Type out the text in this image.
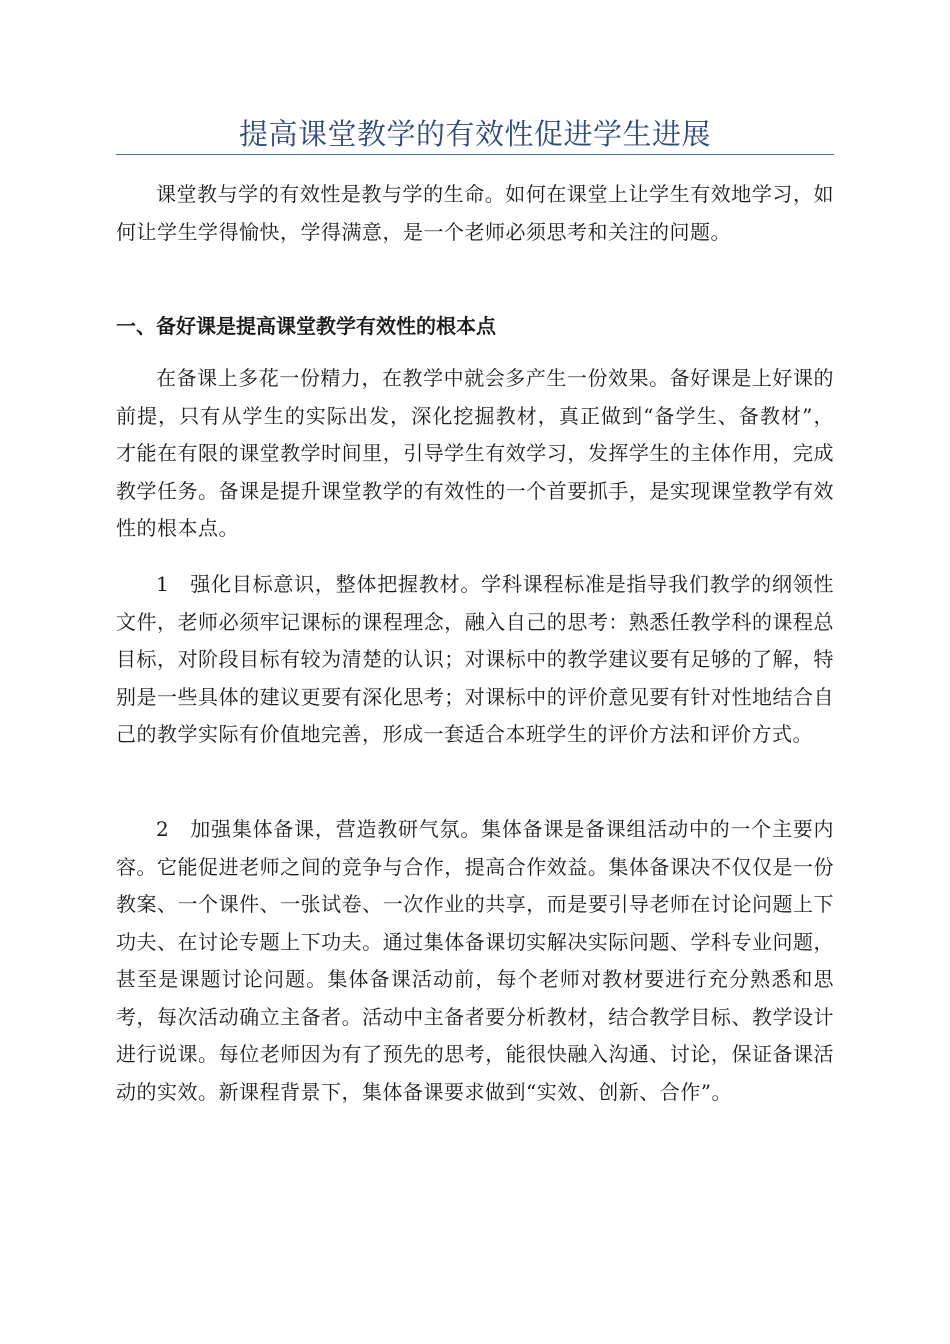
提高课堂教学的有效性促进学生进展

课堂教与学的有效性是教与学的生命。如何在课堂上让学生有效地学习，如何让学生学得愉快，学得满意，是一个老师必须思考和关注的问题。

一、备好课是提高课堂教学有效性的根本点

在备课上多花一份精力，在教学中就会多产生一份效果。备好课是上好课的前提，只有从学生的实际出发，深化挖掘教材，真正做到“备学生、备教材”，才能在有限的课堂教学时间里，引导学生有效学习，发挥学生的主体作用，完成教学任务。备课是提升课堂教学的有效性的一个首要抓手，是实现课堂教学有效性的根本点。

1　强化目标意识，整体把握教材。学科课程标准是指导我们教学的纲领性文件，老师必须牢记课标的课程理念，融入自己的思考：熟悉任教学科的课程总目标，对阶段目标有较为清楚的认识；对课标中的教学建议要有足够的了解，特别是一些具体的建议更要有深化思考；对课标中的评价意见要有针对性地结合自己的教学实际有价值地完善，形成一套适合本班学生的评价方法和评价方式。

2　加强集体备课，营造教研气氛。集体备课是备课组活动中的一个主要内容。它能促进老师之间的竞争与合作，提高合作效益。集体备课决不仅仅是一份教案、一个课件、一张试卷、一次作业的共享，而是要引导老师在讨论问题上下功夫、在讨论专题上下功夫。通过集体备课切实解决实际问题、学科专业问题，甚至是课题讨论问题。集体备课活动前，每个老师对教材要进行充分熟悉和思考，每次活动确立主备者。活动中主备者要分析教材，结合教学目标、教学设计进行说课。每位老师因为有了预先的思考，能很快融入沟通、讨论，保证备课活动的实效。新课程背景下，集体备课要求做到“实效、创新、合作”。
